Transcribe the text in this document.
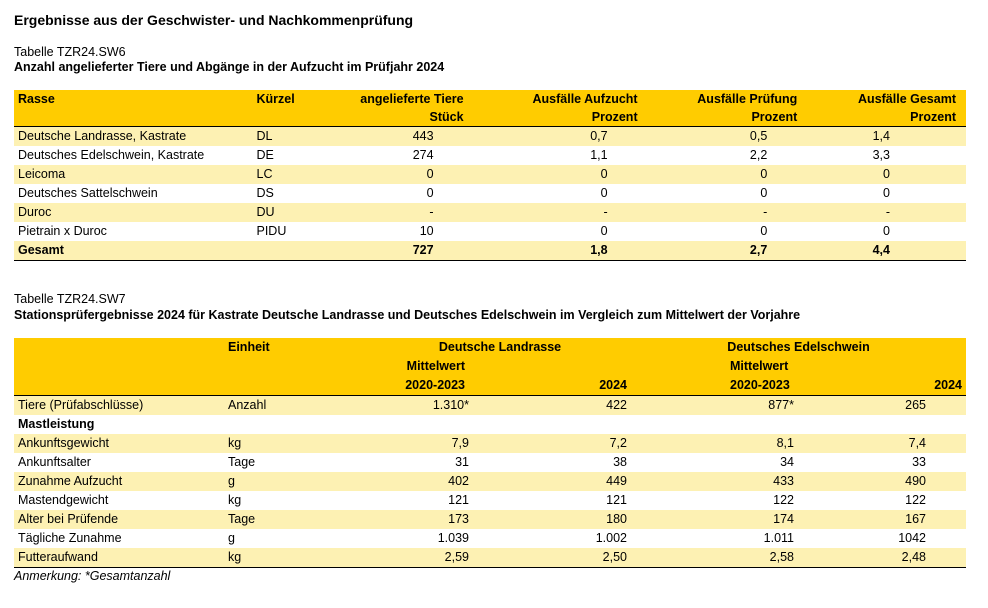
Ergebnisse aus der Geschwister- und Nachkommenprüfung
Tabelle TZR24.SW6
Anzahl angelieferter Tiere und Abgänge in der Aufzucht im Prüfjahr 2024
Rasse	Kürzel	angelieferte Tiere	Ausfälle Aufzucht	Ausfälle Prüfung	Ausfälle Gesamt
		Stück	Prozent	Prozent	Prozent
Deutsche Landrasse, Kastrate	DL	443	0,7	0,5	1,4
Deutsches Edelschwein, Kastrate	DE	274	1,1	2,2	3,3
Leicoma	LC	0	0	0	0
Deutsches Sattelschwein	DS	0	0	0	0
Duroc	DU	-	-	-	-
Pietrain x Duroc	PIDU	10	0	0	0
Gesamt		727	1,8	2,7	4,4
Tabelle TZR24.SW7
Stationsprüfergebnisse 2024 für Kastrate Deutsche Landrasse und Deutsches Edelschwein im Vergleich zum Mittelwert der Vorjahre
	Einheit	Deutsche Landrasse		Deutsches Edelschwein	
		Mittelwert		Mittelwert	
		2020-2023	2024	2020-2023	2024
Tiere (Prüfabschlüsse)	Anzahl	1.310*	422	877*	265
Mastleistung					
Ankunftsgewicht	kg	7,9	7,2	8,1	7,4
Ankunftsalter	Tage	31	38	34	33
Zunahme Aufzucht	g	402	449	433	490
Mastendgewicht	kg	121	121	122	122
Alter bei Prüfende	Tage	173	180	174	167
Tägliche Zunahme	g	1.039	1.002	1.011	1042
Futteraufwand	kg	2,59	2,50	2,58	2,48
Anmerkung: *Gesamtanzahl
